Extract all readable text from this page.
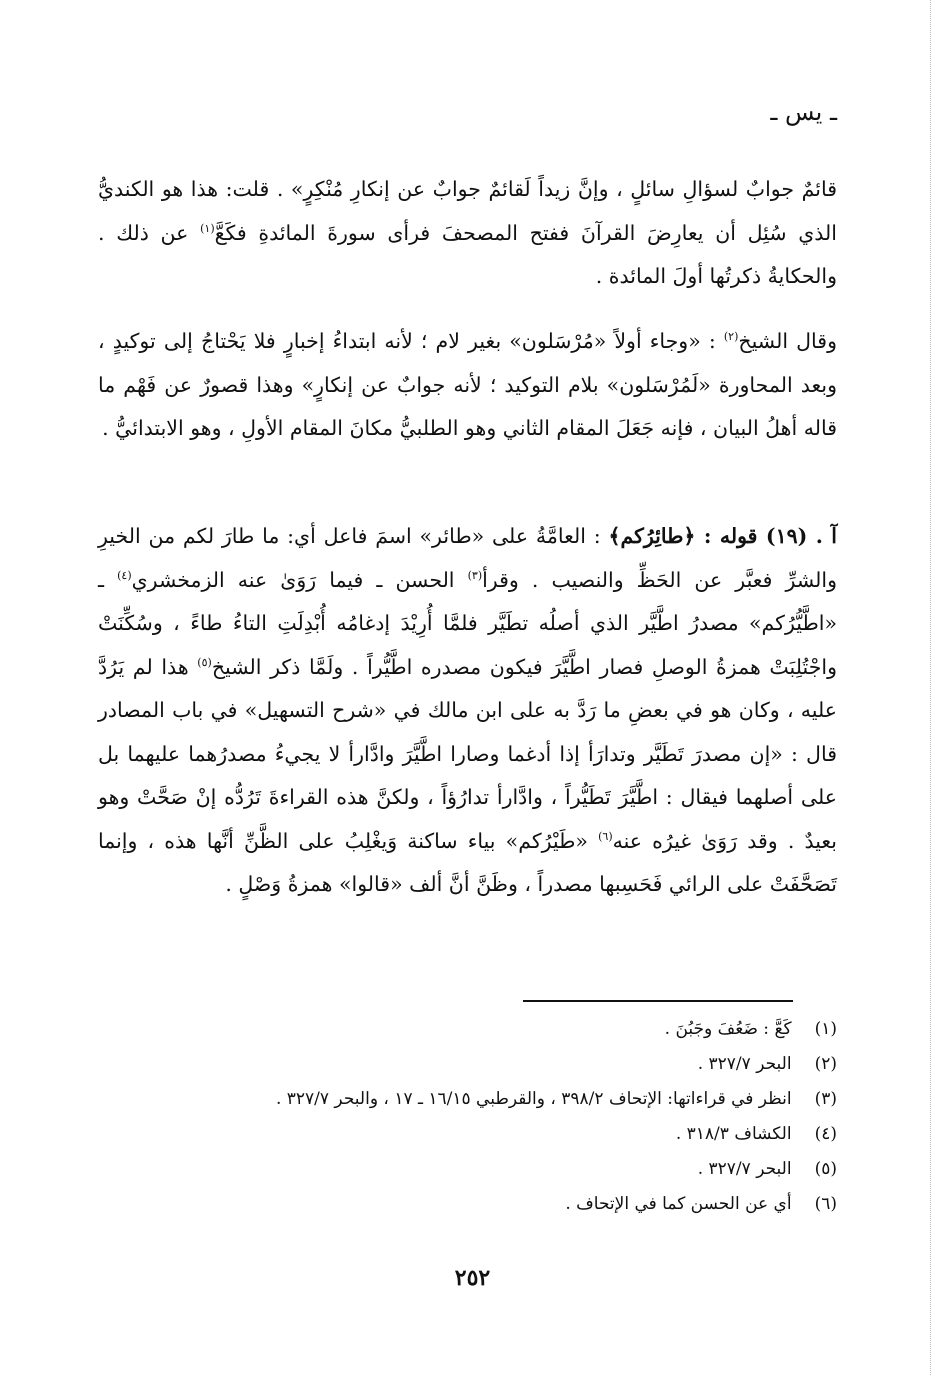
ـ يس ـ

قائمٌ جوابٌ لسؤالِ سائلٍ ، وإنَّ زيداً لَقائمٌ جوابٌ عن إنكارِ مُنْكِرٍ» . قلت: هذا هو الكنديُّ الذي سُئِل أن يعارِضَ القرآنَ ففتح المصحفَ فرأى سورةَ المائدةِ فكَعَّ$^{(١)}$ عن ذلك . والحكايةُ ذكرتُها أولَ المائدة .

وقال الشيخ$^{(٢)}$ : «وجاء أولاً «مُرْسَلون» بغير لام ؛ لأنه ابتداءُ إخبارٍ فلا يَحْتاجُ إلى توكيدٍ ، وبعد المحاورة «لَمُرْسَلون» بلام التوكيد ؛ لأنه جوابٌ عن إنكارٍ» وهذا قصورٌ عن فَهْم ما قاله أهلُ البيان ، فإنه جَعَلَ المقام الثاني وهو الطلبيُّ مكانَ المقام الأولِ ، وهو الابتدائيُّ .

آ . (١٩) قوله : ﴿طائِرُكم﴾ : العامَّةُ على «طائر» اسمَ فاعل أي: ما طارَ لكم من الخيرِ والشرِّ فعبَّر عن الحَظِّ والنصيب . وقرأ$^{(٣)}$ الحسن ـ فيما رَوَىٰ عنه الزمخشري$^{(٤)}$ ـ «اطَّيُّرُكم» مصدرُ اطَّيَّر الذي أصلُه تطَيَّر فلمَّا أُرِيْدَ إدغامُه أُبْدِلَتِ التاءُ طاءً ، وسُكِّنَتْ واجْتُلِبَتْ همزةُ الوصلِ فصار اطَّيَّرَ فيكون مصدره اطَّيُّراً . ولَمَّا ذكر الشيخ$^{(٥)}$ هذا لم يَرُدَّ عليه ، وكان هو في بعضِ ما رَدَّ به على ابن مالك في «شرح التسهيل» في باب المصادر قال : «إن مصدرَ تَطَيَّر وتدارَأ إذا أدغما وصارا اطَّيَّرَ وادَّارأ لا يجيءُ مصدرُهما عليهما بل على أصلهما فيقال : اطَّيَّرَ تَطَيُّراً ، وادَّارأ تدارُؤاً ، ولكنَّ هذه القراءةَ تَرُدُّه إنْ صَحَّتْ وهو بعيدٌ . وقد رَوَىٰ غيرُه عنه$^{(٦)}$ «طَيْرُكم» بياء ساكنة وَيغْلِبُ على الظَّنِّ أنَّها هذه ، وإنما تَصَحَّفَتْ على الرائي فَحَسِبها مصدراً ، وظَنَّ أنَّ ألف «قالوا» همزةُ وَصْلٍ .

(١) كَعَّ : ضَعُفَ وجَبُنَ .
(٢) البحر ٣٢٧/٧ .
(٣) انظر في قراءاتها: الإتحاف ٣٩٨/٢ ، والقرطبي ١٦/١٥ ـ ١٧ ، والبحر ٣٢٧/٧ .
(٤) الكشاف ٣١٨/٣ .
(٥) البحر ٣٢٧/٧ .
(٦) أي عن الحسن كما في الإتحاف .
٢٥٢
